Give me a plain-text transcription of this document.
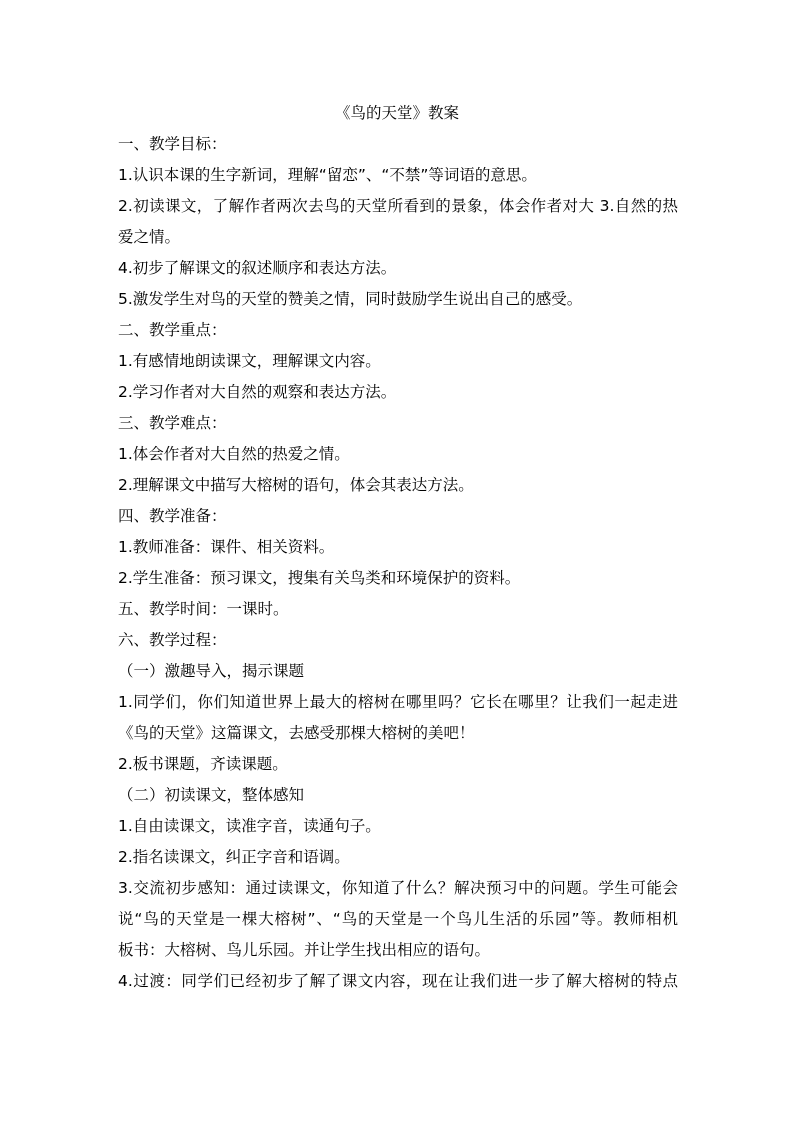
《鸟的天堂》教案
一、教学目标：
1.认识本课的生字新词，理解“留恋”、“不禁”等词语的意思。
2.初读课文，了解作者两次去鸟的天堂所看到的景象，体会作者对大 3.自然的热
爱之情。
4.初步了解课文的叙述顺序和表达方法。
5.激发学生对鸟的天堂的赞美之情，同时鼓励学生说出自己的感受。
二、教学重点：
1.有感情地朗读课文，理解课文内容。
2.学习作者对大自然的观察和表达方法。
三、教学难点：
1.体会作者对大自然的热爱之情。
2.理解课文中描写大榕树的语句，体会其表达方法。
四、教学准备：
1.教师准备：课件、相关资料。
2.学生准备：预习课文，搜集有关鸟类和环境保护的资料。
五、教学时间：一课时。
六、教学过程：
（一）激趣导入，揭示课题
1.同学们，你们知道世界上最大的榕树在哪里吗？它长在哪里？让我们一起走进
《鸟的天堂》这篇课文，去感受那棵大榕树的美吧！
2.板书课题，齐读课题。
（二）初读课文，整体感知
1.自由读课文，读准字音，读通句子。
2.指名读课文，纠正字音和语调。
3.交流初步感知：通过读课文，你知道了什么？解决预习中的问题。学生可能会
说“鸟的天堂是一棵大榕树”、“鸟的天堂是一个鸟儿生活的乐园”等。教师相机
板书：大榕树、鸟儿乐园。并让学生找出相应的语句。
4.过渡：同学们已经初步了解了课文内容，现在让我们进一步了解大榕树的特点
